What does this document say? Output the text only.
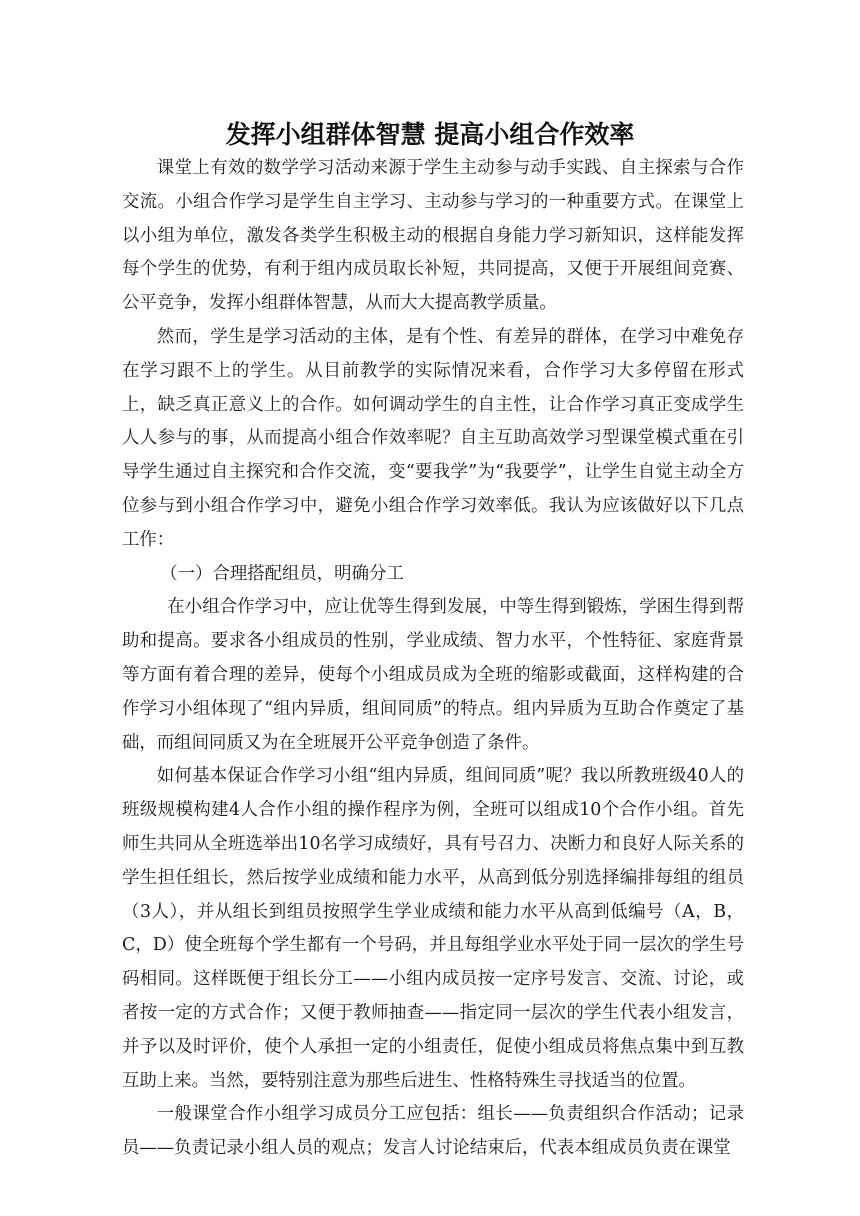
发挥小组群体智慧 提高小组合作效率

课堂上有效的数学学习活动来源于学生主动参与动手实践、自主探索与合作交流。小组合作学习是学生自主学习、主动参与学习的一种重要方式。在课堂上以小组为单位，激发各类学生积极主动的根据自身能力学习新知识，这样能发挥每个学生的优势，有利于组内成员取长补短，共同提高，又便于开展组间竞赛、公平竞争，发挥小组群体智慧，从而大大提高教学质量。

然而，学生是学习活动的主体，是有个性、有差异的群体，在学习中难免存在学习跟不上的学生。从目前教学的实际情况来看，合作学习大多停留在形式上，缺乏真正意义上的合作。如何调动学生的自主性，让合作学习真正变成学生人人参与的事，从而提高小组合作效率呢？自主互助高效学习型课堂模式重在引导学生通过自主探究和合作交流，变“要我学”为“我要学”，让学生自觉主动全方位参与到小组合作学习中，避免小组合作学习效率低。我认为应该做好以下几点工作：

（一）合理搭配组员，明确分工

在小组合作学习中，应让优等生得到发展，中等生得到锻炼，学困生得到帮助和提高。要求各小组成员的性别，学业成绩、智力水平，个性特征、家庭背景等方面有着合理的差异，使每个小组成员成为全班的缩影或截面，这样构建的合作学习小组体现了“组内异质，组间同质”的特点。组内异质为互助合作奠定了基础，而组间同质又为在全班展开公平竞争创造了条件。

如何基本保证合作学习小组“组内异质，组间同质”呢？我以所教班级40人的班级规模构建4人合作小组的操作程序为例，全班可以组成10个合作小组。首先师生共同从全班选举出10名学习成绩好，具有号召力、决断力和良好人际关系的学生担任组长，然后按学业成绩和能力水平，从高到低分别选择编排每组的组员（3人），并从组长到组员按照学生学业成绩和能力水平从高到低编号（A，B，C，D）使全班每个学生都有一个号码，并且每组学业水平处于同一层次的学生号码相同。这样既便于组长分工——小组内成员按一定序号发言、交流、讨论，或者按一定的方式合作；又便于教师抽查——指定同一层次的学生代表小组发言，并予以及时评价，使个人承担一定的小组责任，促使小组成员将焦点集中到互教互助上来。当然，要特别注意为那些后进生、性格特殊生寻找适当的位置。

一般课堂合作小组学习成员分工应包括：组长——负责组织合作活动；记录员——负责记录小组人员的观点；发言人讨论结束后，代表本组成员负责在课堂
